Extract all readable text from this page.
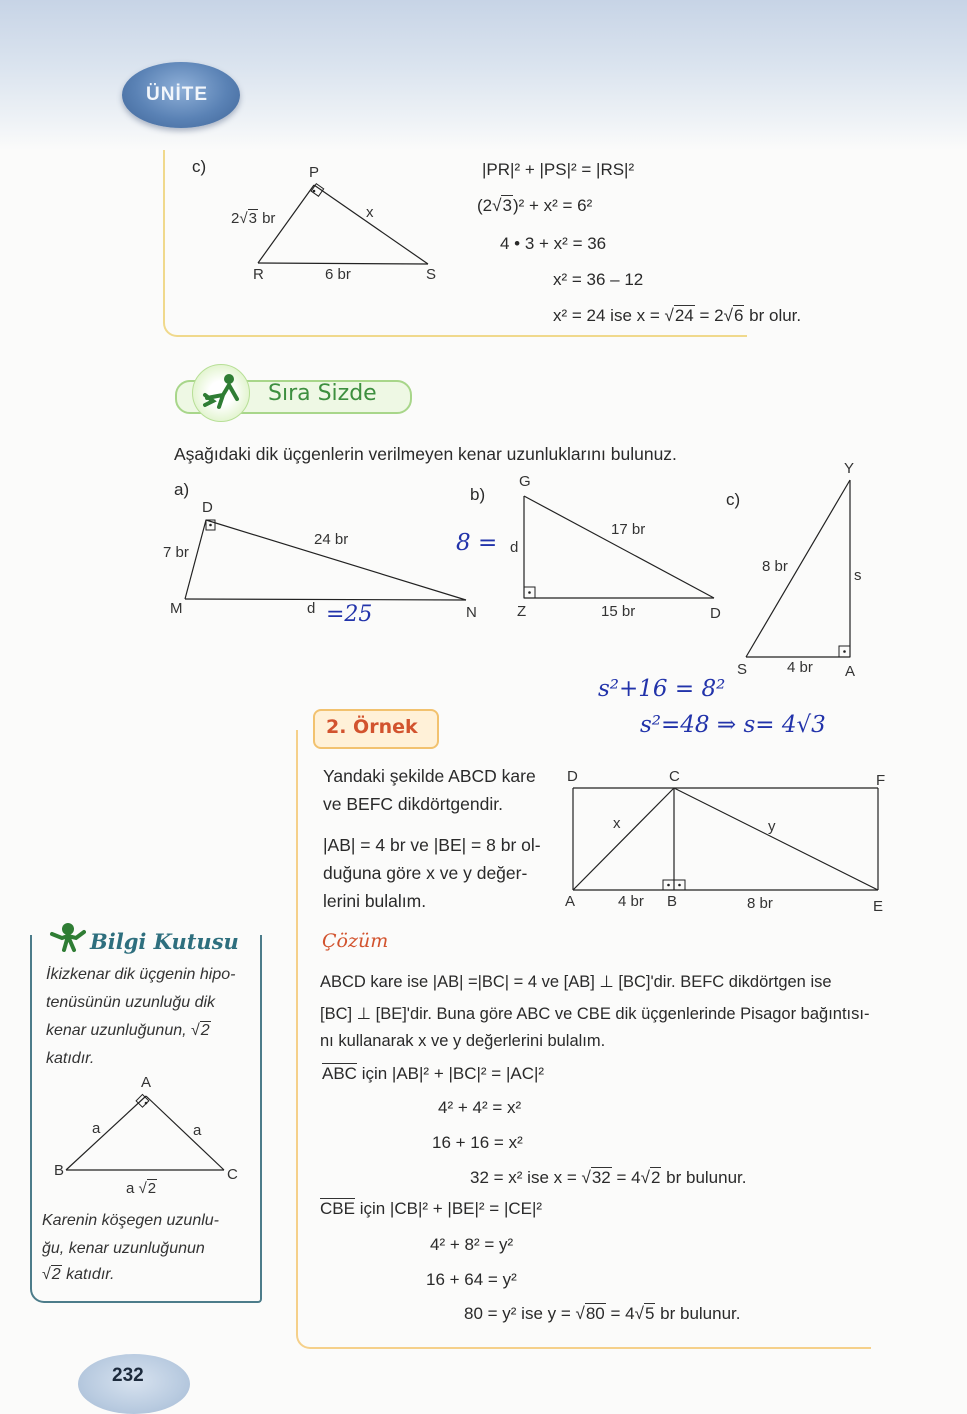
ÜNİTE
c)	P
R	S
2 √ 3 br	x
6 br
|PR|² + |PS|² = |RS|²
(2 √ 3)² + x² = 6²
4 • 3 + x² = 36
x² = 36 – 12
x² = 24 ise x = √ 24 = 2 √ 6 br olur.
Sıra Sizde
Aşağıdaki dik üçgenlerin verilmeyen kenar uzunluklarını bulunuz.
a)
D
M	N
7 br
24 br
d =25
b)
G
Z	D
d
17 br
15 br
8 =
c)
Y
S	A
8 br
s
4 br
s²+16 = 8²
s²=48 ⇒ s= 4√3
2. Örnek
Yandaki şekilde ABCD kare
ve BEFC dikdörtgendir.
|AB| = 4 br ve |BE| = 8 br ol-
duğuna göre x ve y değer-
lerini bulalım.
D	C	F
A	B	E
x	y
4 br	8 br
Çözüm
ABCD kare ise |AB| =|BC| = 4 ve [AB] ⊥ [BC]'dir. BEFC dikdörtgen ise
[BC] ⊥ [BE]'dir. Buna göre ABC ve CBE dik üçgenlerinde Pisagor bağıntısı-
nı kullanarak x ve y değerlerini bulalım.
ABC için |AB|² + |BC|² = |AC|²
4² + 4² = x²
16 + 16 = x²
32 = x² ise x = √ 32 = 4 √ 2 br bulunur.
CBE için |CB|² + |BE|² = |CE|²
4² + 8² = y²
16 + 64 = y²
80 = y² ise y = √ 80 = 4 √ 5 br bulunur.
Bilgi Kutusu
İkizkenar dik üçgenin hipo-
tenüsünün uzunluğu dik
kenar uzunluğunun, √ 2
katıdır.
A
B	C
a	a
a √ 2
Karenin köşegen uzunlu-
ğu, kenar uzunluğunun
√ 2 katıdır.
232
